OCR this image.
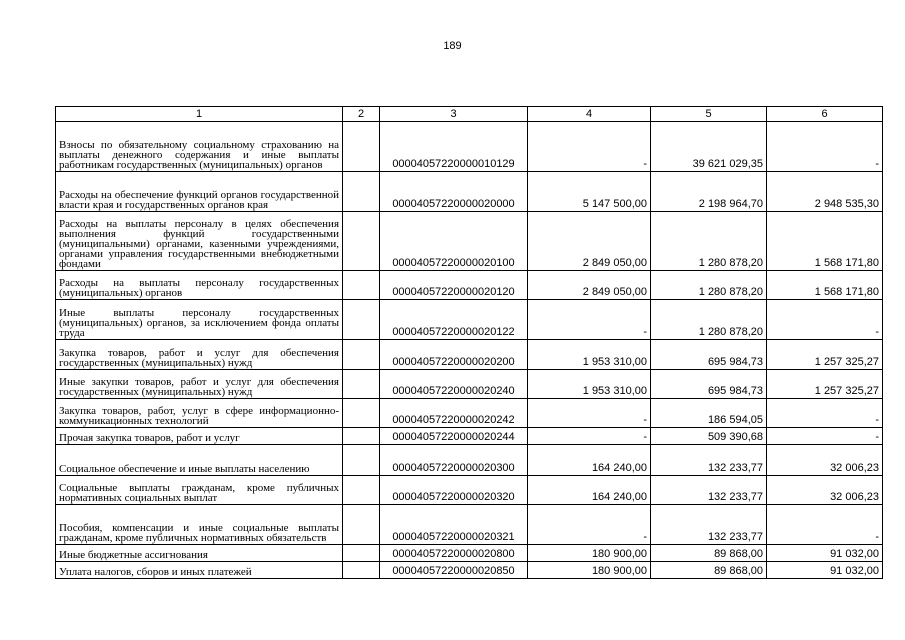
189
1	2	3	4	5	6
Взносы по обязательному социальному страхованию на выплаты денежного содержания и иные выплаты работникам государственных (муниципальных) органов		00004057220000010129	-	39 621 029,35	-
Расходы на обеспечение функций органов государственной власти края и государственных органов края		00004057220000020000	5 147 500,00	2 198 964,70	2 948 535,30
Расходы на выплаты персоналу в целях обеспечения выполнения функций государственными (муниципальными) органами, казенными учреждениями, органами управления государственными внебюджетными фондами		00004057220000020100	2 849 050,00	1 280 878,20	1 568 171,80
Расходы на выплаты персоналу государственных (муниципальных) органов		00004057220000020120	2 849 050,00	1 280 878,20	1 568 171,80
Иные выплаты персоналу государственных (муниципальных) органов, за исключением фонда оплаты труда		00004057220000020122	-	1 280 878,20	-
Закупка товаров, работ и услуг для обеспечения государственных (муниципальных) нужд		00004057220000020200	1 953 310,00	695 984,73	1 257 325,27
Иные закупки товаров, работ и услуг для обеспечения государственных (муниципальных) нужд		00004057220000020240	1 953 310,00	695 984,73	1 257 325,27
Закупка товаров, работ, услуг в сфере информационно-коммуникационных технологий		00004057220000020242	-	186 594,05	-
Прочая закупка товаров, работ и услуг		00004057220000020244	-	509 390,68	-
Социальное обеспечение и иные выплаты населению		00004057220000020300	164 240,00	132 233,77	32 006,23
Социальные выплаты гражданам, кроме публичных нормативных социальных выплат		00004057220000020320	164 240,00	132 233,77	32 006,23
Пособия, компенсации и иные социальные выплаты гражданам, кроме публичных нормативных обязательств		00004057220000020321	-	132 233,77	-
Иные бюджетные ассигнования		00004057220000020800	180 900,00	89 868,00	91 032,00
Уплата налогов, сборов и иных платежей		00004057220000020850	180 900,00	89 868,00	91 032,00
